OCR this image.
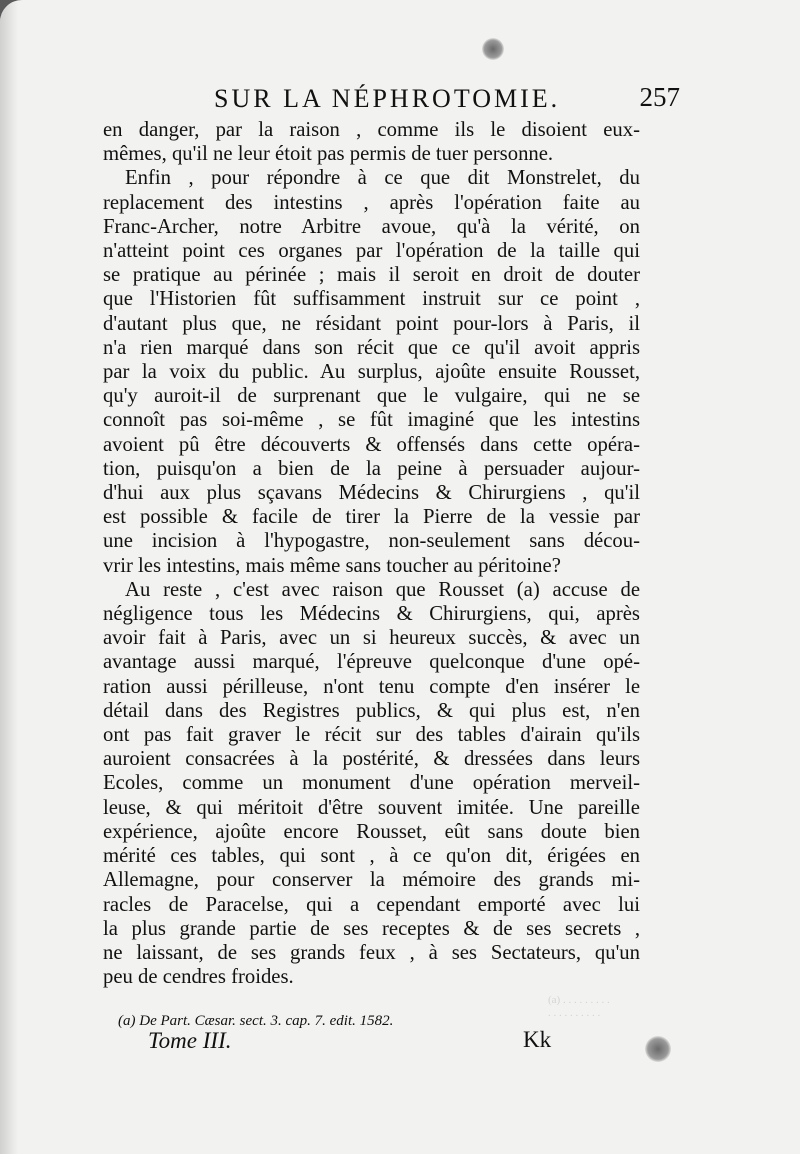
SUR LA NÉPHROTOMIE.	257
en danger, par la raison , comme ils le disoient eux-
mêmes, qu'il ne leur étoit pas permis de tuer personne.
Enfin , pour répondre à ce que dit Monstrelet, du
replacement des intestins , après l'opération faite au
Franc-Archer, notre Arbitre avoue, qu'à la vérité, on
n'atteint point ces organes par l'opération de la taille qui
se pratique au périnée ; mais il seroit en droit de douter
que l'Historien fût suffisamment instruit sur ce point ,
d'autant plus que, ne résidant point pour-lors à Paris, il
n'a rien marqué dans son récit que ce qu'il avoit appris
par la voix du public. Au surplus, ajoûte ensuite Rousset,
qu'y auroit-il de surprenant que le vulgaire, qui ne se
connoît pas soi-même , se fût imaginé que les intestins
avoient pû être découverts & offensés dans cette opéra-
tion, puisqu'on a bien de la peine à persuader aujour-
d'hui aux plus sçavans Médecins & Chirurgiens , qu'il
est possible & facile de tirer la Pierre de la vessie par
une incision à l'hypogastre, non-seulement sans décou-
vrir les intestins, mais même sans toucher au péritoine?
Au reste , c'est avec raison que Rousset (a) accuse de
négligence tous les Médecins & Chirurgiens, qui, après
avoir fait à Paris, avec un si heureux succès, & avec un
avantage aussi marqué, l'épreuve quelconque d'une opé-
ration aussi périlleuse, n'ont tenu compte d'en insérer le
détail dans des Registres publics, & qui plus est, n'en
ont pas fait graver le récit sur des tables d'airain qu'ils
auroient consacrées à la postérité, & dressées dans leurs
Ecoles, comme un monument d'une opération merveil-
leuse, & qui méritoit d'être souvent imitée. Une pareille
expérience, ajoûte encore Rousset, eût sans doute bien
mérité ces tables, qui sont , à ce qu'on dit, érigées en
Allemagne, pour conserver la mémoire des grands mi-
racles de Paracelse, qui a cependant emporté avec lui
la plus grande partie de ses receptes & de ses secrets ,
ne laissant, de ses grands feux , à ses Sectateurs, qu'un
peu de cendres froides.
(a) . . . . . . . . .
. . . . . . . . . .
(a) De Part. Cæsar. sect. 3. cap. 7. edit. 1582.
Tome III.	Kk
